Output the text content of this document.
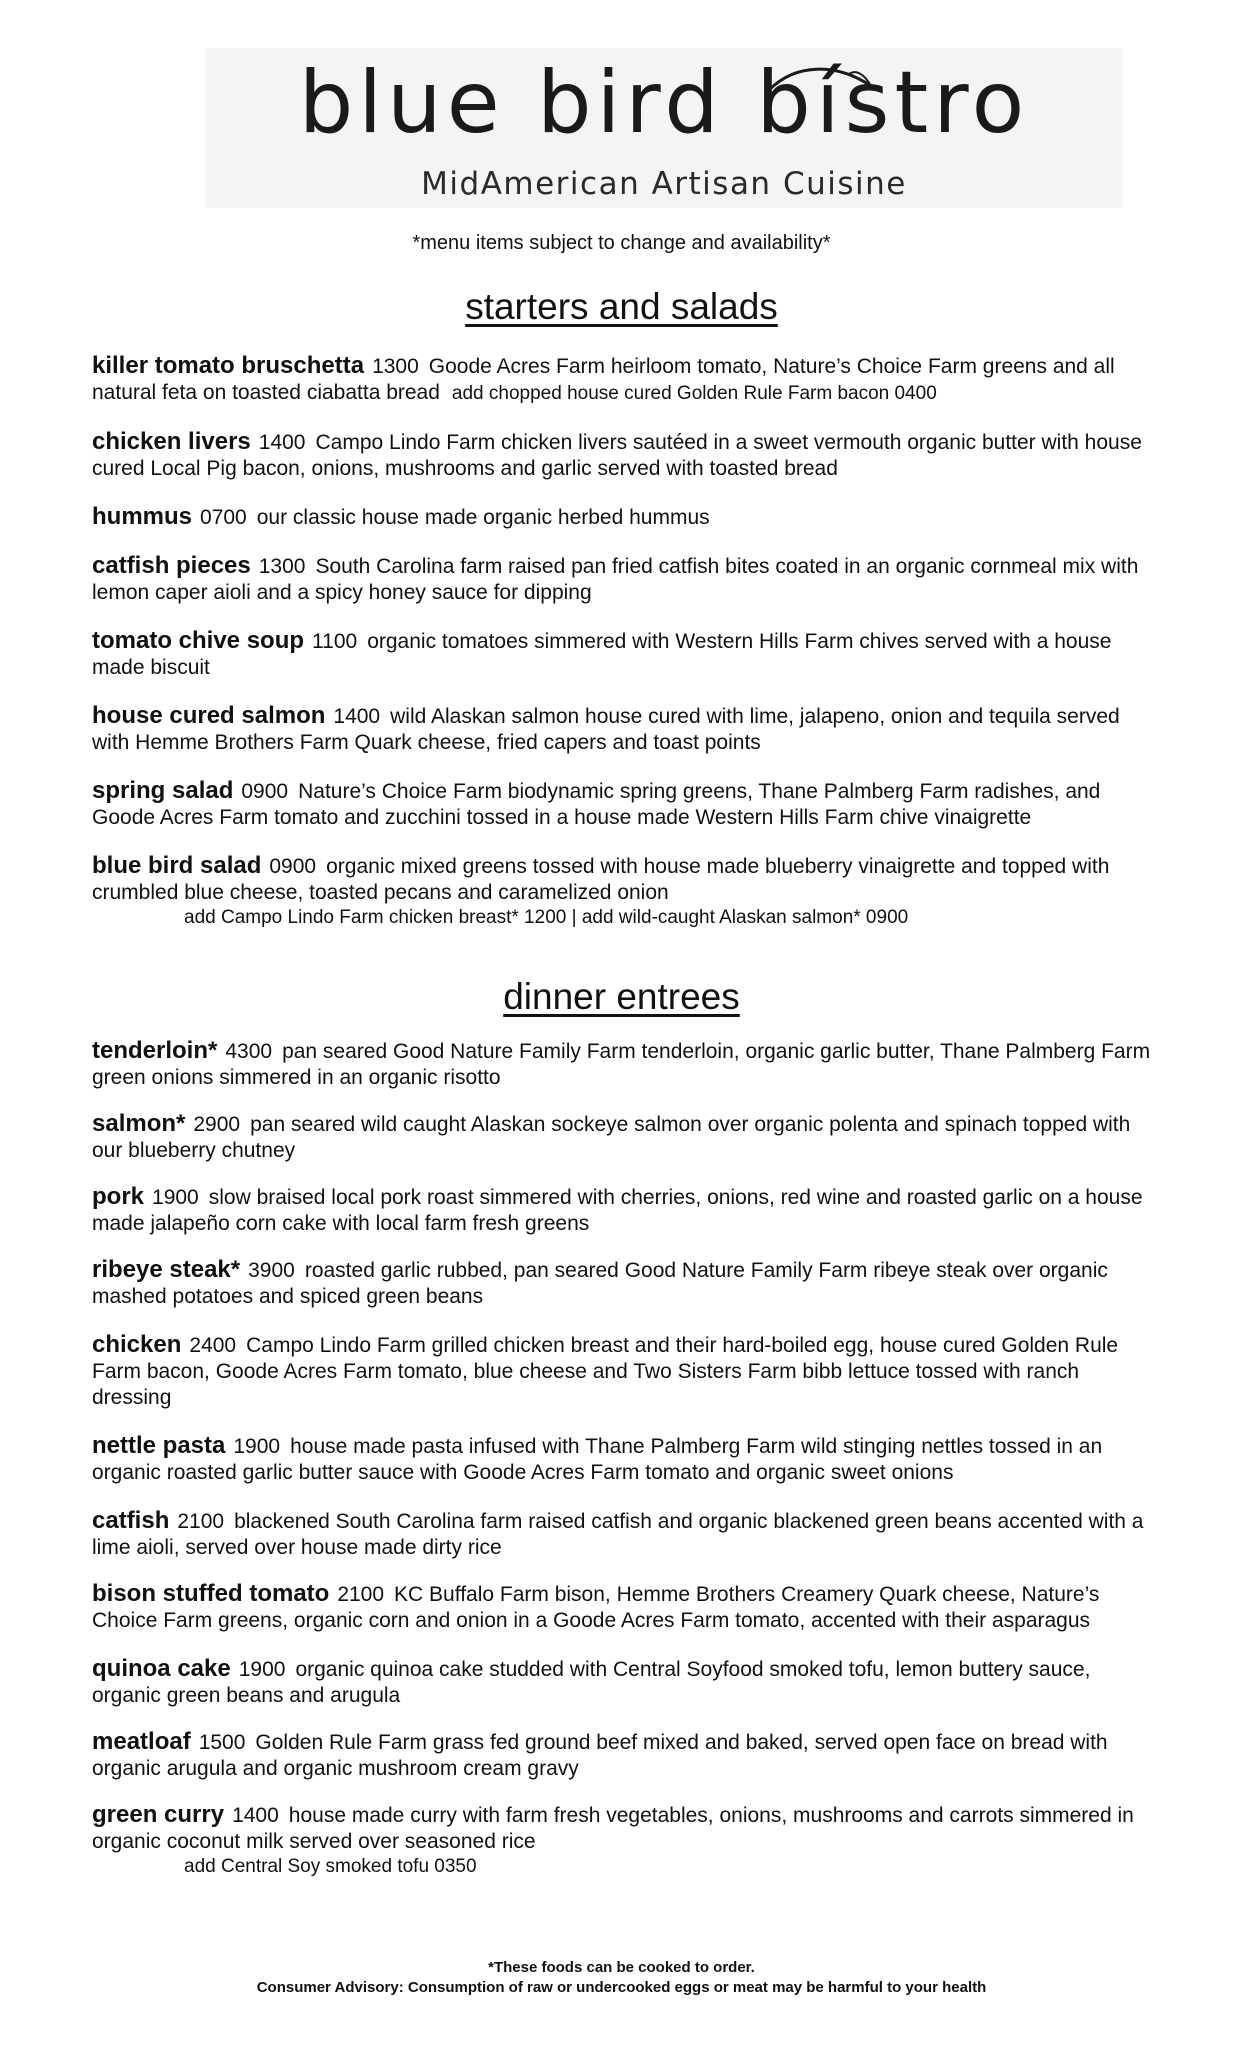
blue bird bístro
MidAmerican Artisan Cuisine
*menu items subject to change and availability*
starters and salads
killer tomato bruschetta 1300 Goode Acres Farm heirloom tomato, Nature’s Choice Farm greens and all natural feta on toasted ciabatta bread add chopped house cured Golden Rule Farm bacon 0400
chicken livers 1400 Campo Lindo Farm chicken livers sautéed in a sweet vermouth organic butter with house cured Local Pig bacon, onions, mushrooms and garlic served with toasted bread
hummus 0700 our classic house made organic herbed hummus
catfish pieces 1300 South Carolina farm raised pan fried catfish bites coated in an organic cornmeal mix with lemon caper aioli and a spicy honey sauce for dipping
tomato chive soup 1100 organic tomatoes simmered with Western Hills Farm chives served with a house made biscuit
house cured salmon 1400 wild Alaskan salmon house cured with lime, jalapeno, onion and tequila served with Hemme Brothers Farm Quark cheese, fried capers and toast points
spring salad 0900 Nature’s Choice Farm biodynamic spring greens, Thane Palmberg Farm radishes, and Goode Acres Farm tomato and zucchini tossed in a house made Western Hills Farm chive vinaigrette
blue bird salad 0900 organic mixed greens tossed with house made blueberry vinaigrette and topped with crumbled blue cheese, toasted pecans and caramelized onion
add Campo Lindo Farm chicken breast* 1200 | add wild-caught Alaskan salmon* 0900
dinner entrees
tenderloin* 4300 pan seared Good Nature Family Farm tenderloin, organic garlic butter, Thane Palmberg Farm green onions simmered in an organic risotto
salmon* 2900 pan seared wild caught Alaskan sockeye salmon over organic polenta and spinach topped with our blueberry chutney
pork 1900 slow braised local pork roast simmered with cherries, onions, red wine and roasted garlic on a house made jalapeño corn cake with local farm fresh greens
ribeye steak* 3900 roasted garlic rubbed, pan seared Good Nature Family Farm ribeye steak over organic mashed potatoes and spiced green beans
chicken 2400 Campo Lindo Farm grilled chicken breast and their hard-boiled egg, house cured Golden Rule Farm bacon, Goode Acres Farm tomato, blue cheese and Two Sisters Farm bibb lettuce tossed with ranch dressing
nettle pasta 1900 house made pasta infused with Thane Palmberg Farm wild stinging nettles tossed in an organic roasted garlic butter sauce with Goode Acres Farm tomato and organic sweet onions
catfish 2100 blackened South Carolina farm raised catfish and organic blackened green beans accented with a lime aioli, served over house made dirty rice
bison stuffed tomato 2100 KC Buffalo Farm bison, Hemme Brothers Creamery Quark cheese, Nature’s Choice Farm greens, organic corn and onion in a Goode Acres Farm tomato, accented with their asparagus
quinoa cake 1900 organic quinoa cake studded with Central Soyfood smoked tofu, lemon buttery sauce, organic green beans and arugula
meatloaf 1500 Golden Rule Farm grass fed ground beef mixed and baked, served open face on bread with organic arugula and organic mushroom cream gravy
green curry 1400 house made curry with farm fresh vegetables, onions, mushrooms and carrots simmered in organic coconut milk served over seasoned rice
add Central Soy smoked tofu 0350
*These foods can be cooked to order.
Consumer Advisory: Consumption of raw or undercooked eggs or meat may be harmful to your health
